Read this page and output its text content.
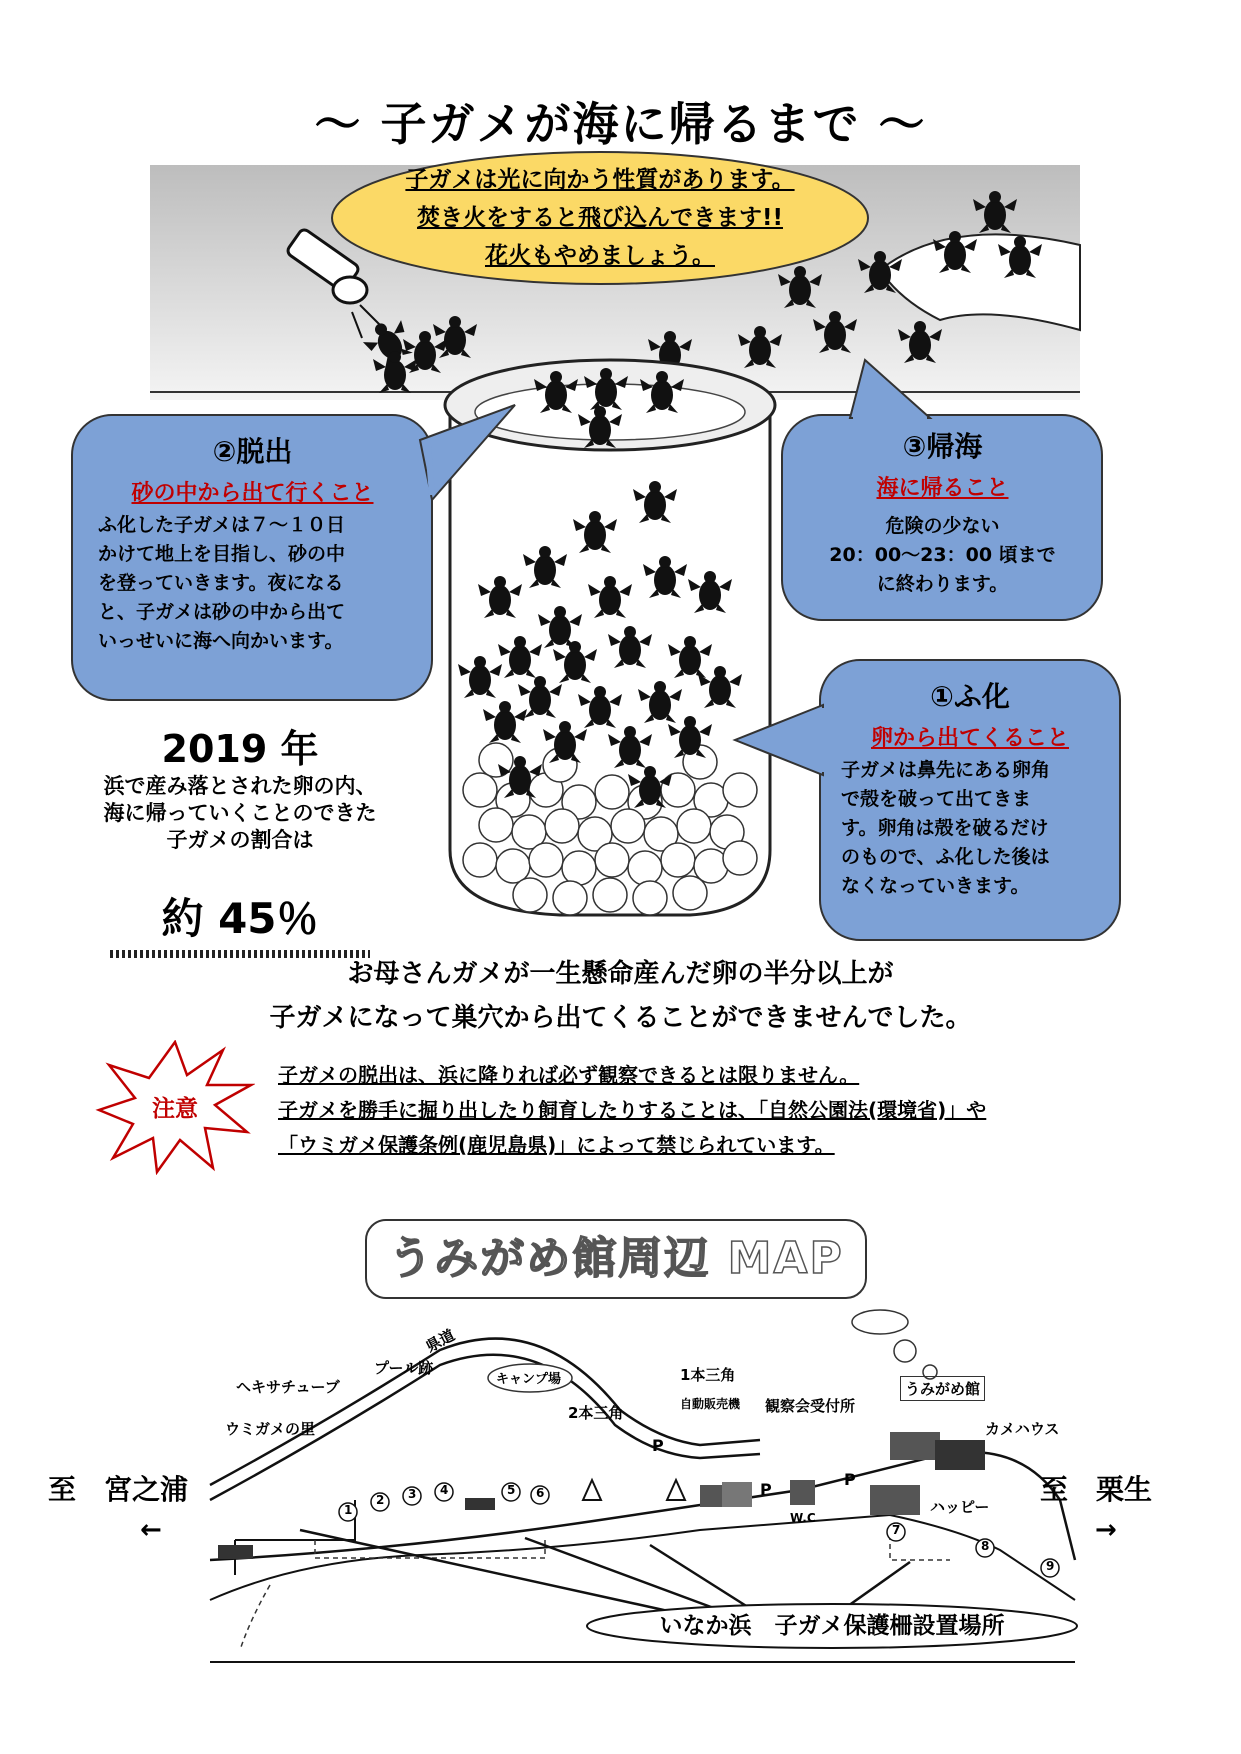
～ 子ガメが海に帰るまで ～
子ガメは光に向かう性質があります。
焚き火をすると飛び込んできます!!
花火もやめましょう。
②脱出
砂の中から出て行くこと
ふ化した子ガメは７～１０日
かけて地上を目指し、砂の中
を登っていきます。夜になる
と、子ガメは砂の中から出て
いっせいに海へ向かいます。
③帰海
海に帰ること
危険の少ない
20：00～23：00 頃まで
に終わります。
①ふ化
卵から出てくること
子ガメは鼻先にある卵角
で殻を破って出てきま
す。卵角は殻を破るだけ
のもので、ふ化した後は
なくなっていきます。
2019 年
浜で産み落とされた卵の内、
海に帰っていくことのできた
子ガメの割合は
約 45％
お母さんガメが一生懸命産んだ卵の半分以上が
子ガメになって巣穴から出てくることができませんでした。
注意
子ガメの脱出は、浜に降りれば必ず観察できるとは限りません。
子ガメを勝手に掘り出したり飼育したりすることは、「自然公園法(環境省)」や
「ウミガメ保護条例(鹿児島県)」によって禁じられています。
うみがめ館周辺 MAP
県道
プール跡
ヘキサチューブ	キャンプ場
ウミガメの里
2本三角
1本三角
自動販売機 観察会受付所
うみがめ館
カメハウス
ハッピー
W.C
P
P
P
1
2 3 4	5 6
7
8
9
至　宮之浦
←
至　栗生
→
いなか浜　子ガメ保護柵設置場所
